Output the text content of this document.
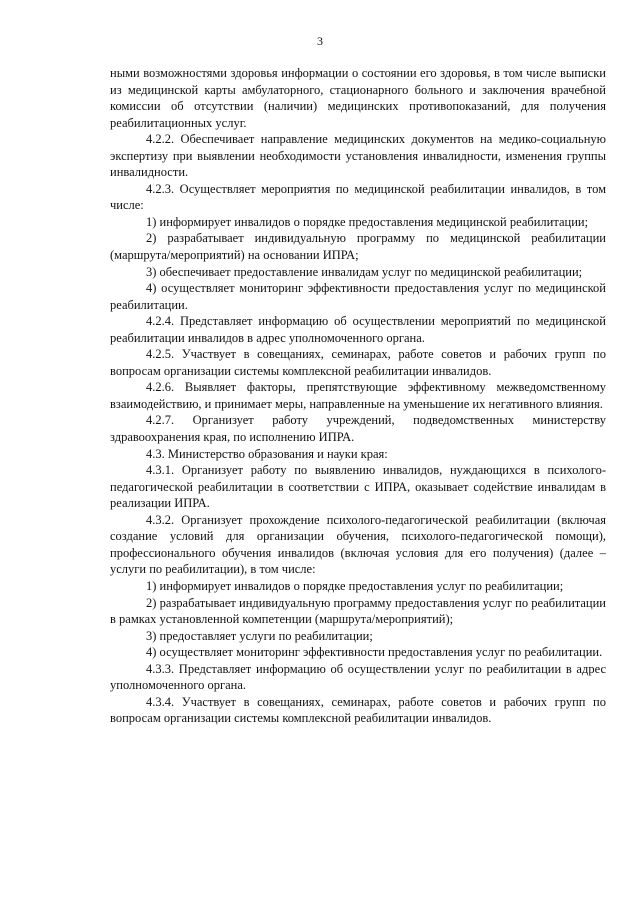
3

ными возможностями здоровья информации о состоянии его здоровья, в том числе выписки из медицинской карты амбулаторного, стационарного больного и заключения врачебной комиссии об отсутствии (наличии) медицинских противопоказаний, для получения реабилитационных услуг.

4.2.2. Обеспечивает направление медицинских документов на медико-социальную экспертизу при выявлении необходимости установления инвалидности, изменения группы инвалидности.

4.2.3. Осуществляет мероприятия по медицинской реабилитации инвалидов, в том числе:

1) информирует инвалидов о порядке предоставления медицинской реабилитации;

2) разрабатывает индивидуальную программу по медицинской реабилитации (маршрута/мероприятий) на основании ИПРА;

3) обеспечивает предоставление инвалидам услуг по медицинской реабилитации;

4) осуществляет мониторинг эффективности предоставления услуг по медицинской реабилитации.

4.2.4. Представляет информацию об осуществлении мероприятий по медицинской реабилитации инвалидов в адрес уполномоченного органа.

4.2.5. Участвует в совещаниях, семинарах, работе советов и рабочих групп по вопросам организации системы комплексной реабилитации инвалидов.

4.2.6. Выявляет факторы, препятствующие эффективному межведомственному взаимодействию, и принимает меры, направленные на уменьшение их негативного влияния.

4.2.7. Организует работу учреждений, подведомственных министерству здравоохранения края, по исполнению ИПРА.

4.3. Министерство образования и науки края:

4.3.1. Организует работу по выявлению инвалидов, нуждающихся в психолого-педагогической реабилитации в соответствии с ИПРА, оказывает содействие инвалидам в реализации ИПРА.

4.3.2. Организует прохождение психолого-педагогической реабилитации (включая создание условий для организации обучения, психолого-педагогической помощи), профессионального обучения инвалидов (включая условия для его получения) (далее – услуги по реабилитации), в том числе:

1) информирует инвалидов о порядке предоставления услуг по реабилитации;

2) разрабатывает индивидуальную программу предоставления услуг по реабилитации в рамках установленной компетенции (маршрута/мероприятий);

3) предоставляет услуги по реабилитации;

4) осуществляет мониторинг эффективности предоставления услуг по реабилитации.

4.3.3. Представляет информацию об осуществлении услуг по реабилитации в адрес уполномоченного органа.

4.3.4. Участвует в совещаниях, семинарах, работе советов и рабочих групп по вопросам организации системы комплексной реабилитации инвалидов.
